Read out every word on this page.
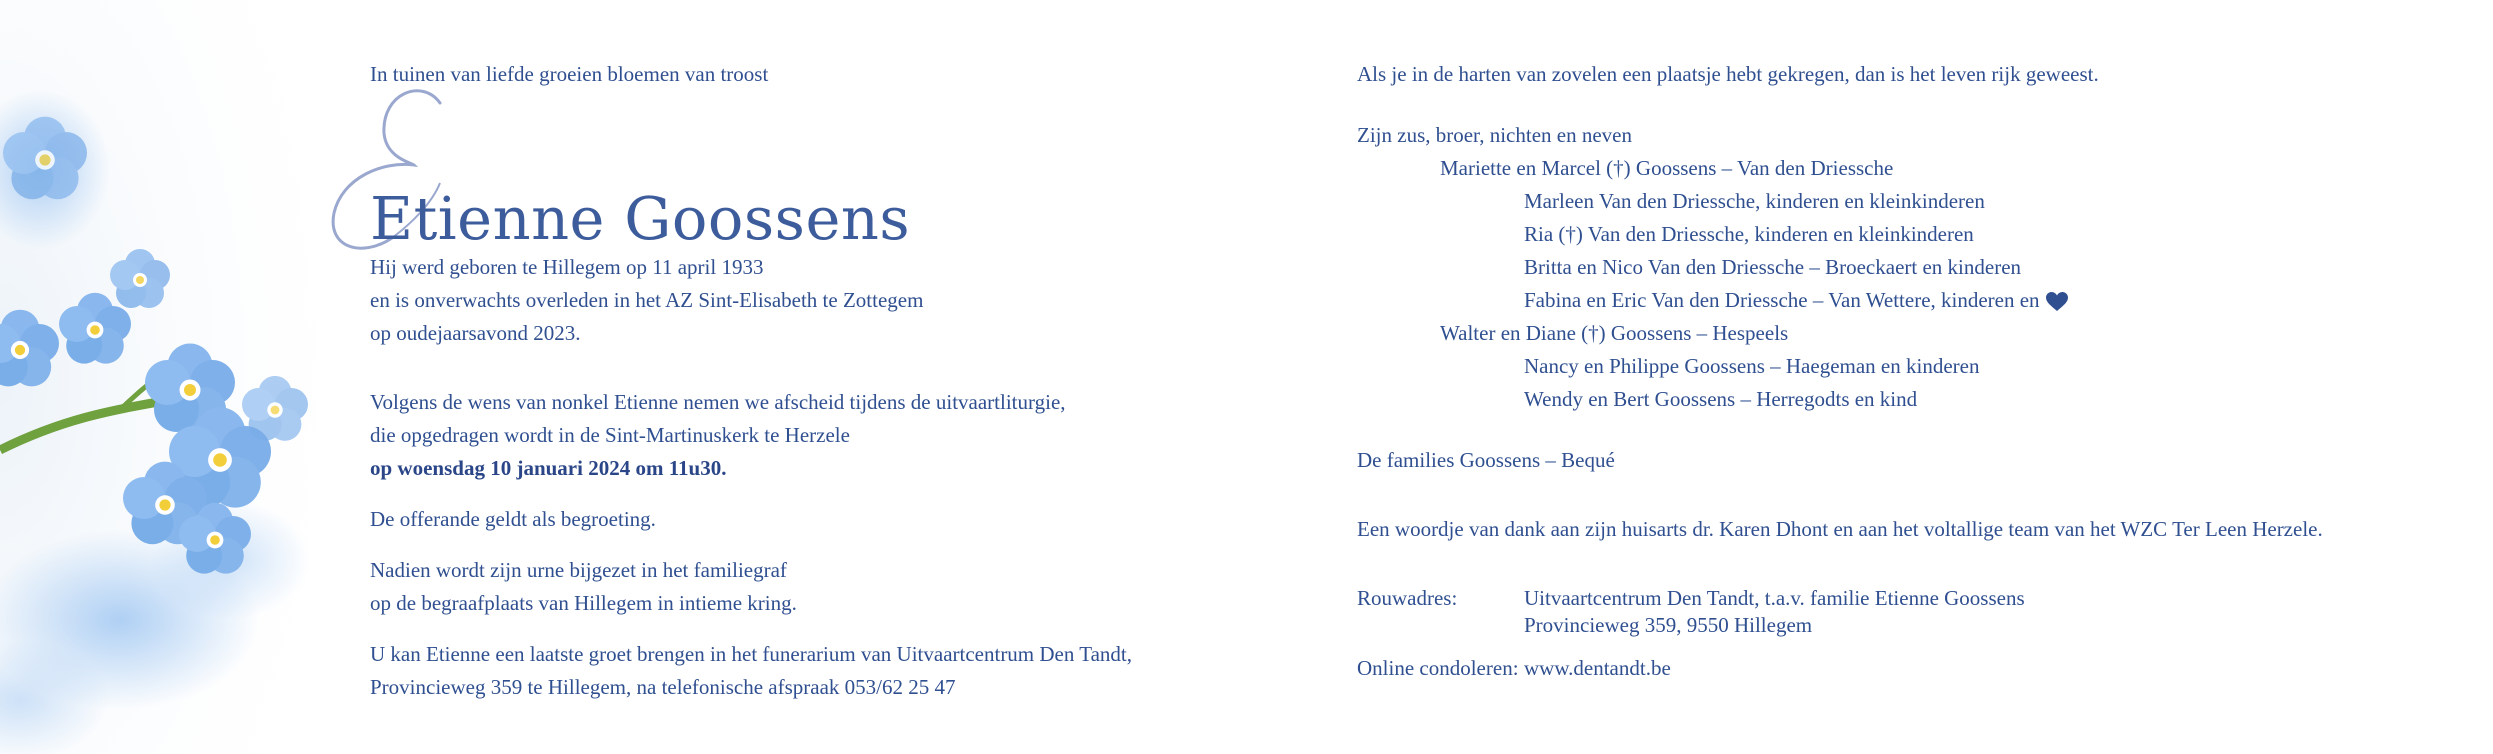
In tuinen van liefde groeien bloemen van troost

Etienne Goossens

Hij werd geboren te Hillegem op 11 april 1933

en is onverwachts overleden in het AZ Sint-Elisabeth te Zottegem

op oudejaarsavond 2023.

Volgens de wens van nonkel Etienne nemen we afscheid tijdens de uitvaartliturgie,

die opgedragen wordt in de Sint-Martinuskerk te Herzele

op woensdag 10 januari 2024 om 11u30.

De offerande geldt als begroeting.

Nadien wordt zijn urne bijgezet in het familiegraf

op de begraafplaats van Hillegem in intieme kring.

U kan Etienne een laatste groet brengen in het funerarium van Uitvaartcentrum Den Tandt,

Provincieweg 359 te Hillegem, na telefonische afspraak 053/62 25 47

Als je in de harten van zovelen een plaatsje hebt gekregen, dan is het leven rijk geweest.

Zijn zus, broer, nichten en neven

Mariette en Marcel (†) Goossens – Van den Driessche

Marleen Van den Driessche, kinderen en kleinkinderen

Ria (†) Van den Driessche, kinderen en kleinkinderen

Britta en Nico Van den Driessche – Broeckaert en kinderen

Fabina en Eric Van den Driessche – Van Wettere, kinderen en

Walter en Diane (†) Goossens – Hespeels

Nancy en Philippe Goossens – Haegeman en kinderen

Wendy en Bert Goossens – Herregodts en kind

De families Goossens – Bequé

Een woordje van dank aan zijn huisarts dr. Karen Dhont en aan het voltallige team van het WZC Ter Leen Herzele.

Rouwadres:	Uitvaartcentrum Den Tandt, t.a.v. familie Etienne Goossens

Provincieweg 359, 9550 Hillegem

Online condoleren: www.dentandt.be
